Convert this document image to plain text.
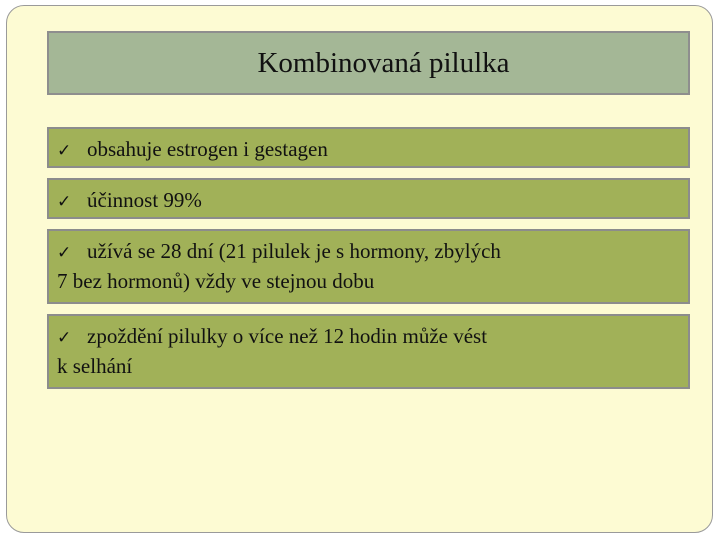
Kombinovaná pilulka
✓ obsahuje estrogen i gestagen
✓ účinnost 99%
✓ užívá se 28 dní (21 pilulek je s hormony, zbylých
7 bez hormonů) vždy ve stejnou dobu
✓ zpoždění pilulky o více než 12 hodin může vést
k selhání
